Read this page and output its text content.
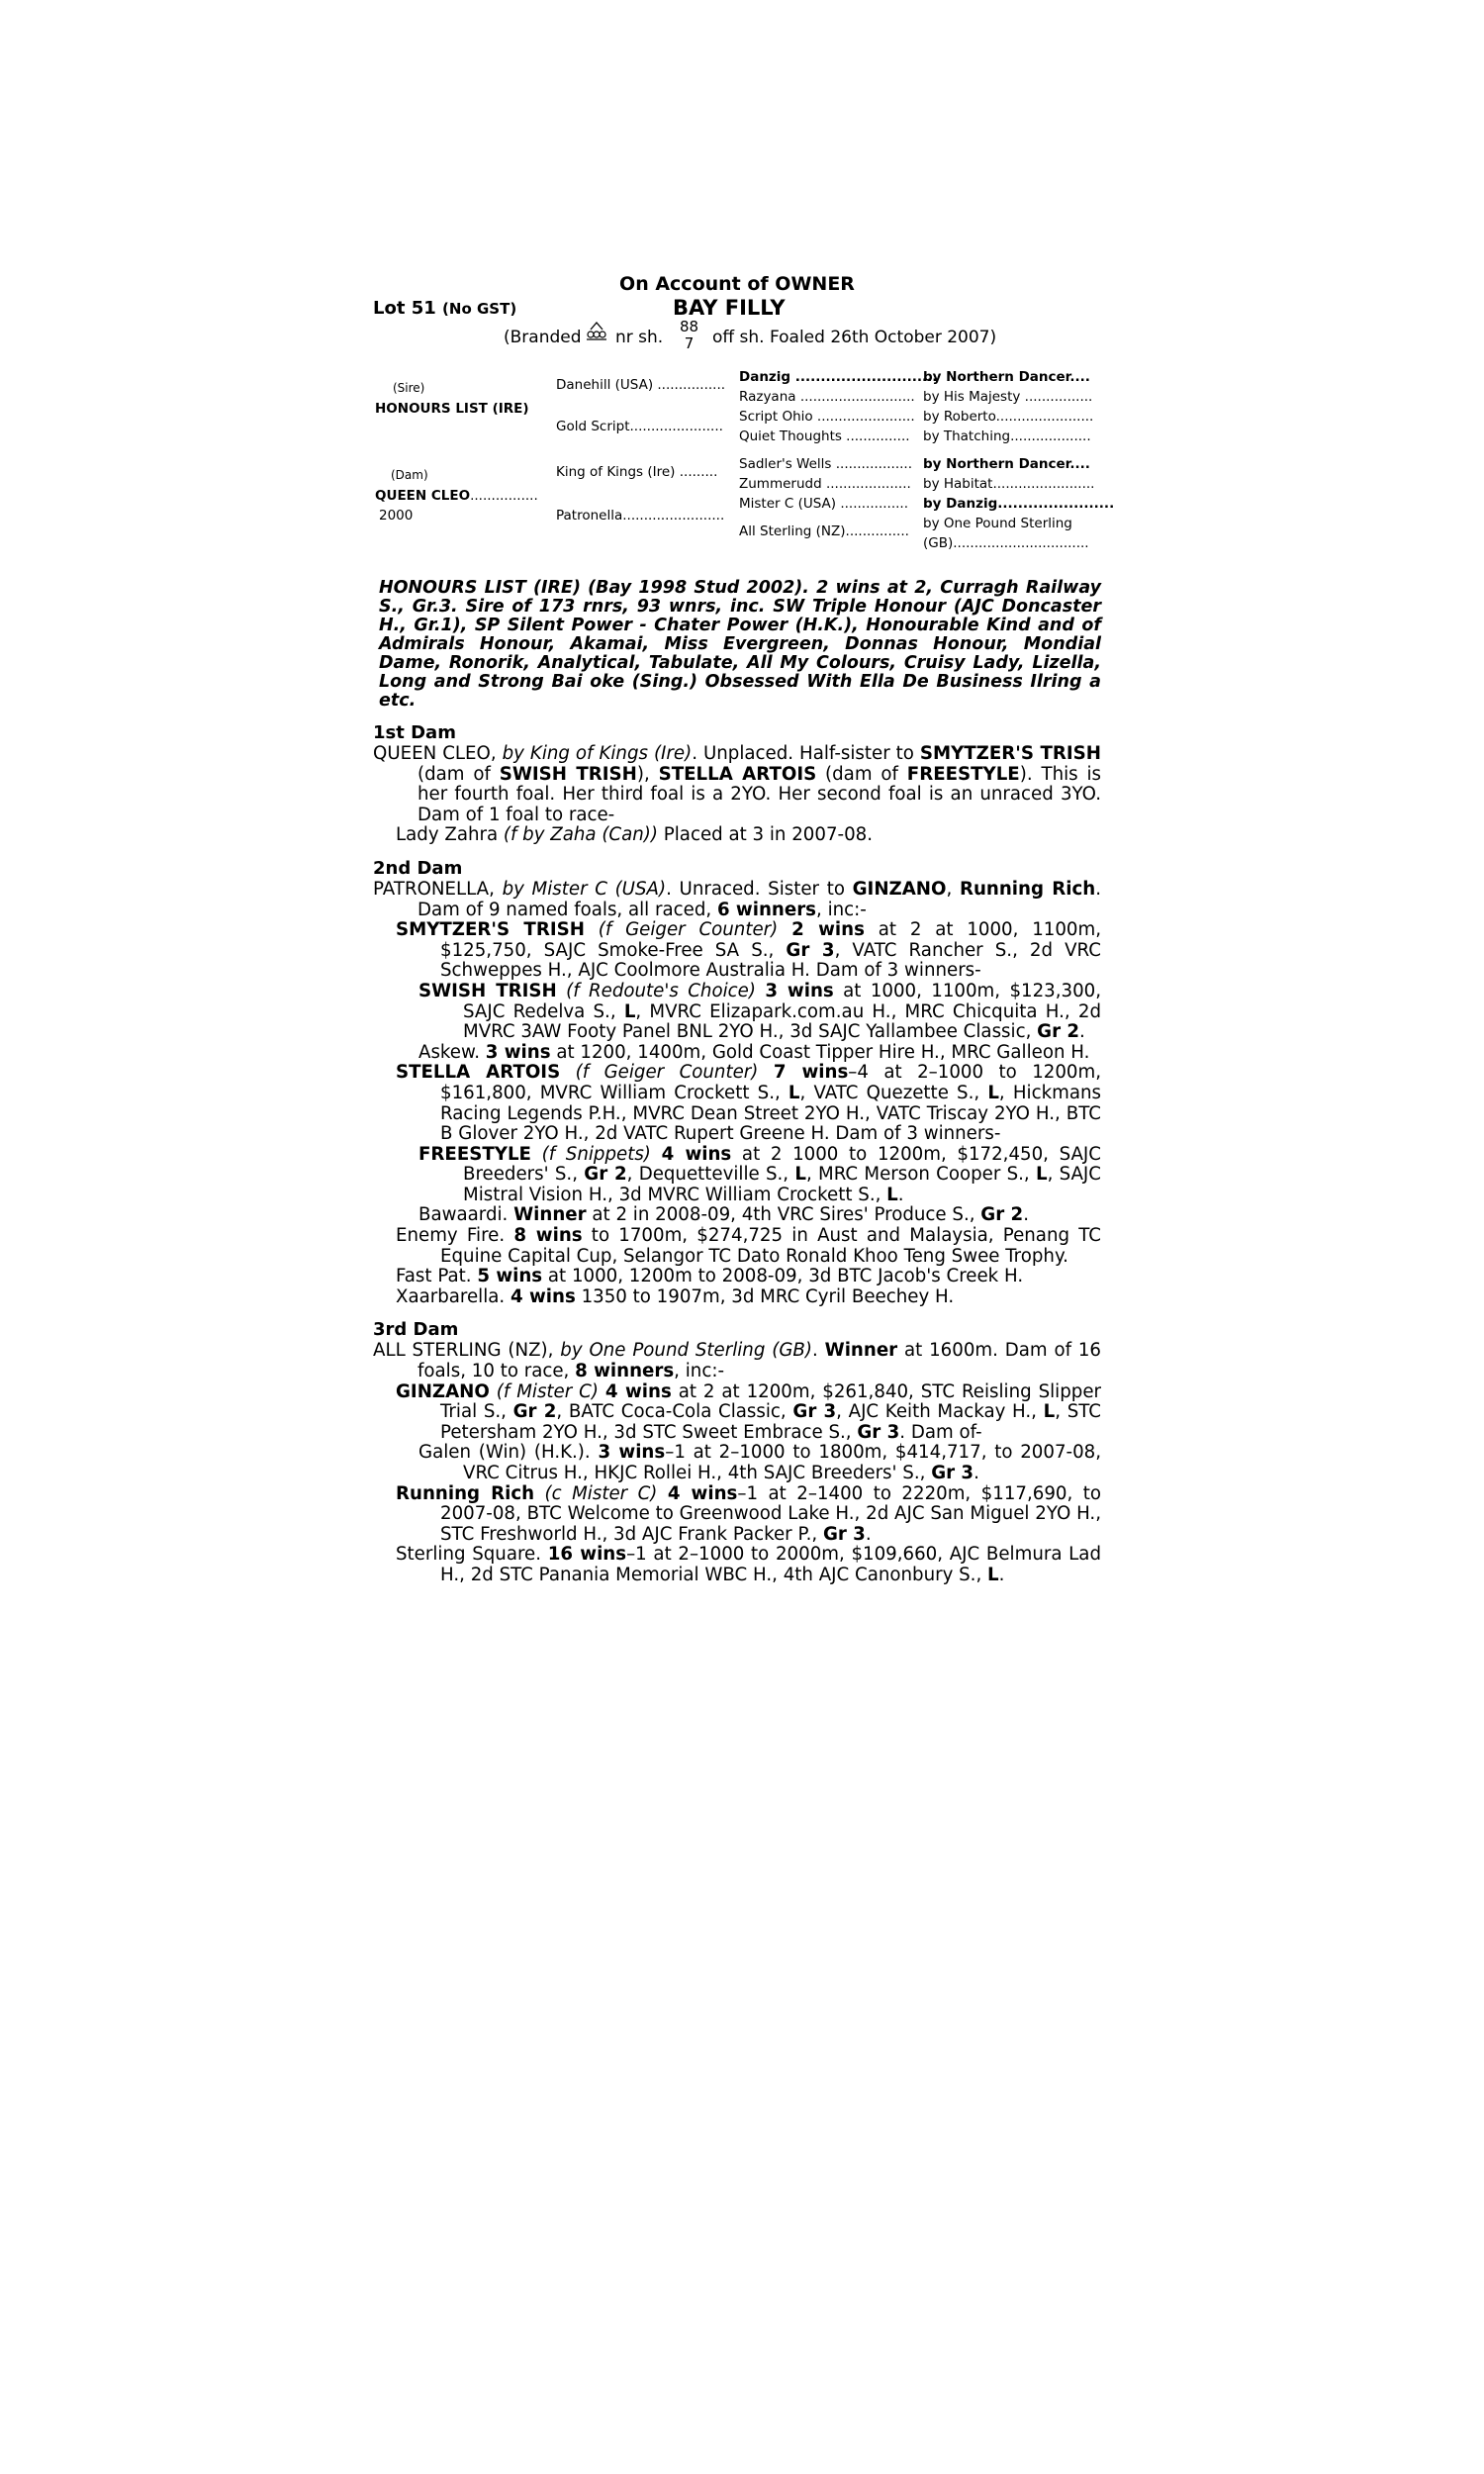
On Account of OWNER
Lot 51 (No GST)	BAY FILLY
(Branded nr sh.
88
7 off sh. Foaled 26th October 2007)
(Sire)
HONOURS LIST (IRE)
(Dam)
QUEEN CLEO................
2000
Danehill (USA) ................
Gold Script......................
King of Kings (Ire) .........
Patronella........................
Danzig ............................
Razyana ...........................
Script Ohio .......................
Quiet Thoughts ...............
Sadler's Wells ..................
Zummerudd ....................
Mister C (USA) ................
All Sterling (NZ)...............
by Northern Dancer....
by His Majesty ................
by Roberto.......................
by Thatching...................
by Northern Dancer....
by Habitat........................
by Danzig.......................
by One Pound Sterling
(GB)................................
HONOURS LIST (IRE) (Bay 1998 Stud 2002). 2 wins at 2, Curragh Railway S., Gr.3. Sire of 173 rnrs, 93 wnrs, inc. SW Triple Honour (AJC Doncaster H., Gr.1), SP Silent Power - Chater Power (H.K.), Honourable Kind and of Admirals Honour, Akamai, Miss Evergreen, Donnas Honour, Mondial Dame, Ronorik, Analytical, Tabulate, All My Colours, Cruisy Lady, Lizella, Long and Strong Bai oke (Sing.) Obsessed With Ella De Business Ilring a etc.
1st Dam

QUEEN CLEO, by King of Kings (Ire). Unplaced. Half-sister to SMYTZER'S TRISH (dam of SWISH TRISH), STELLA ARTOIS (dam of FREESTYLE). This is her fourth foal. Her third foal is a 2YO. Her second foal is an unraced 3YO. Dam of 1 foal to race-

Lady Zahra (f by Zaha (Can)) Placed at 3 in 2007-08.

2nd Dam

PATRONELLA, by Mister C (USA). Unraced. Sister to GINZANO, Running Rich. Dam of 9 named foals, all raced, 6 winners, inc:-

SMYTZER'S TRISH (f Geiger Counter) 2 wins at 2 at 1000, 1100m, $125,750, SAJC Smoke-Free SA S., Gr 3, VATC Rancher S., 2d VRC Schweppes H., AJC Coolmore Australia H. Dam of 3 winners-

SWISH TRISH (f Redoute's Choice) 3 wins at 1000, 1100m, $123,300, SAJC Redelva S., L, MVRC Elizapark.com.au H., MRC Chicquita H., 2d MVRC 3AW Footy Panel BNL 2YO H., 3d SAJC Yallambee Classic, Gr 2.

Askew. 3 wins at 1200, 1400m, Gold Coast Tipper Hire H., MRC Galleon H.

STELLA ARTOIS (f Geiger Counter) 7 wins–4 at 2–1000 to 1200m, $161,800, MVRC William Crockett S., L, VATC Quezette S., L, Hickmans Racing Legends P.H., MVRC Dean Street 2YO H., VATC Triscay 2YO H., BTC B Glover 2YO H., 2d VATC Rupert Greene H. Dam of 3 winners-

FREESTYLE (f Snippets) 4 wins at 2 1000 to 1200m, $172,450, SAJC Breeders' S., Gr 2, Dequetteville S., L, MRC Merson Cooper S., L, SAJC Mistral Vision H., 3d MVRC William Crockett S., L.

Bawaardi. Winner at 2 in 2008-09, 4th VRC Sires' Produce S., Gr 2.

Enemy Fire. 8 wins to 1700m, $274,725 in Aust and Malaysia, Penang TC Equine Capital Cup, Selangor TC Dato Ronald Khoo Teng Swee Trophy.

Fast Pat. 5 wins at 1000, 1200m to 2008-09, 3d BTC Jacob's Creek H.

Xaarbarella. 4 wins 1350 to 1907m, 3d MRC Cyril Beechey H.

3rd Dam

ALL STERLING (NZ), by One Pound Sterling (GB). Winner at 1600m. Dam of 16 foals, 10 to race, 8 winners, inc:-

GINZANO (f Mister C) 4 wins at 2 at 1200m, $261,840, STC Reisling Slipper Trial S., Gr 2, BATC Coca-Cola Classic, Gr 3, AJC Keith Mackay H., L, STC Petersham 2YO H., 3d STC Sweet Embrace S., Gr 3. Dam of-

Galen (Win) (H.K.). 3 wins–1 at 2–1000 to 1800m, $414,717, to 2007-08, VRC Citrus H., HKJC Rollei H., 4th SAJC Breeders' S., Gr 3.

Running Rich (c Mister C) 4 wins–1 at 2–1400 to 2220m, $117,690, to 2007-08, BTC Welcome to Greenwood Lake H., 2d AJC San Miguel 2YO H., STC Freshworld H., 3d AJC Frank Packer P., Gr 3.

Sterling Square. 16 wins–1 at 2–1000 to 2000m, $109,660, AJC Belmura Lad H., 2d STC Panania Memorial WBC H., 4th AJC Canonbury S., L.
